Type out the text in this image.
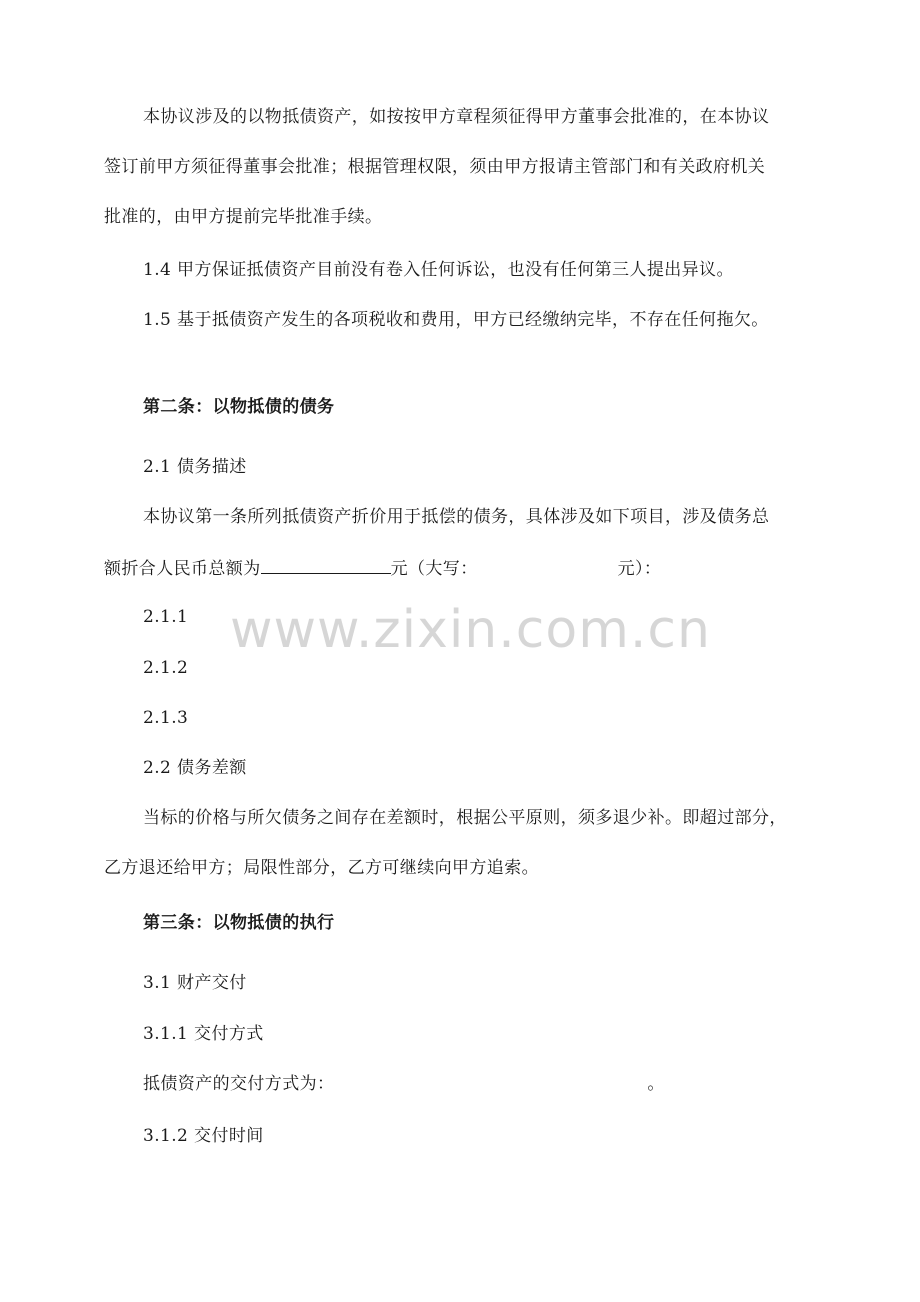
本协议涉及的以物抵债资产，如按按甲方章程须征得甲方董事会批准的，在本协议
签订前甲方须征得董事会批准；根据管理权限，须由甲方报请主管部门和有关政府机关
批准的，由甲方提前完毕批准手续。
1.4 甲方保证抵债资产目前没有卷入任何诉讼，也没有任何第三人提出异议。
1.5 基于抵债资产发生的各项税收和费用，甲方已经缴纳完毕，不存在任何拖欠。
第二条：以物抵债的债务
2.1 债务描述
本协议第一条所列抵债资产折价用于抵偿的债务，具体涉及如下项目，涉及债务总
额折合人民币总额为	元（大写：	元）：
2.1.1
2.1.2
2.1.3
2.2 债务差额
当标的价格与所欠债务之间存在差额时，根据公平原则，须多退少补。即超过部分，
乙方退还给甲方；局限性部分，乙方可继续向甲方追索。
第三条：以物抵债的执行
3.1 财产交付
3.1.1 交付方式
抵债资产的交付方式为：	。
3.1.2 交付时间
www.zixin.com.cn
